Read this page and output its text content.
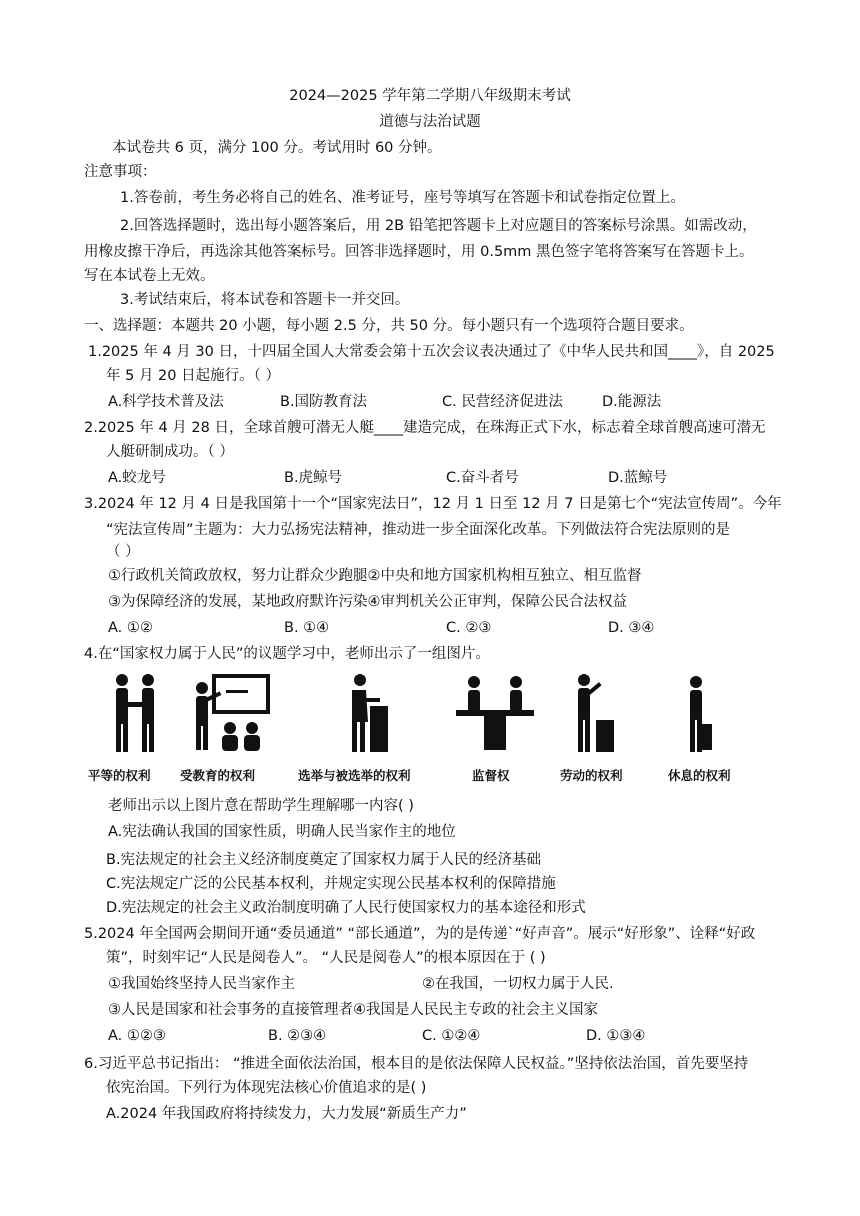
2024—2025 学年第二学期八年级期末考试
道德与法治试题
本试卷共 6 页，满分 100 分。考试用时 60 分钟。
注意事项：
1.答卷前，考生务必将自己的姓名、准考证号，座号等填写在答题卡和试卷指定位置上。
2.回答选择题时，选出每小题答案后，用 2B 铅笔把答题卡上对应题目的答案标号涂黑。如需改动，
用橡皮擦干净后，再选涂其他答案标号。回答非选择题时，用 0.5mm 黑色签字笔将答案写在答题卡上。
写在本试卷上无效。
3.考试结束后，将本试卷和答题卡一并交回。
一、选择题：本题共 20 小题，每小题 2.5 分，共 50 分。每小题只有一个选项符合题目要求。
1.2025 年 4 月 30 日，十四届全国人大常委会第十五次会议表决通过了《中华人民共和国____》，自 2025
年 5 月 20 日起施行。（ ）
A.科学技术普及法	B.国防教育法	C. 民营经济促进法	D.能源法
2.2025 年 4 月 28 日，全球首艘可潜无人艇____建造完成，在珠海正式下水，标志着全球首艘高速可潜无
人艇研制成功。（ ）
A.蛟龙号	B.虎鲸号	C.奋斗者号	D.蓝鲸号
3.2024 年 12 月 4 日是我国第十一个“国家宪法日”，12 月 1 日至 12 月 7 日是第七个“宪法宣传周”。今年
“宪法宣传周”主题为：大力弘扬宪法精神，推动进一步全面深化改革。下列做法符合宪法原则的是
（ ）
①行政机关简政放权，努力让群众少跑腿②中央和地方国家机构相互独立、相互监督
③为保障经济的发展，某地政府默许污染④审判机关公正审判，保障公民合法权益
A. ①②	B. ①④	C. ②③	D. ③④
4.在“国家权力属于人民”的议题学习中，老师出示了一组图片。
平等的权利 受教育的权利	选举与被选举的权利	监督权	劳动的权利	休息的权利
老师出示以上图片意在帮助学生理解哪一内容( )
A.宪法确认我国的国家性质，明确人民当家作主的地位
B.宪法规定的社会主义经济制度奠定了国家权力属于人民的经济基础
C.宪法规定广泛的公民基本权利，并规定实现公民基本权利的保障措施
D.宪法规定的社会主义政治制度明确了人民行使国家权力的基本途径和形式
5.2024 年全国两会期间开通“委员通道” “部长通道”，为的是传递`“好声音”。展示“好形象”、诠释“好政
策”，时刻牢记“人民是阅卷人”。 “人民是阅卷人”的根本原因在于 ( )
①我国始终坚持人民当家作主	②在我国，一切权力属于人民.
③人民是国家和社会事务的直接管理者④我国是人民民主专政的社会主义国家
A. ①②③	B. ②③④	C. ①②④	D. ①③④
6.习近平总书记指出： “推进全面依法治国，根本目的是依法保障人民权益。”坚持依法治国，首先要坚持
依宪治国。下列行为体现宪法核心价值追求的是( )
A.2024 年我国政府将持续发力，大力发展“新质生产力”
